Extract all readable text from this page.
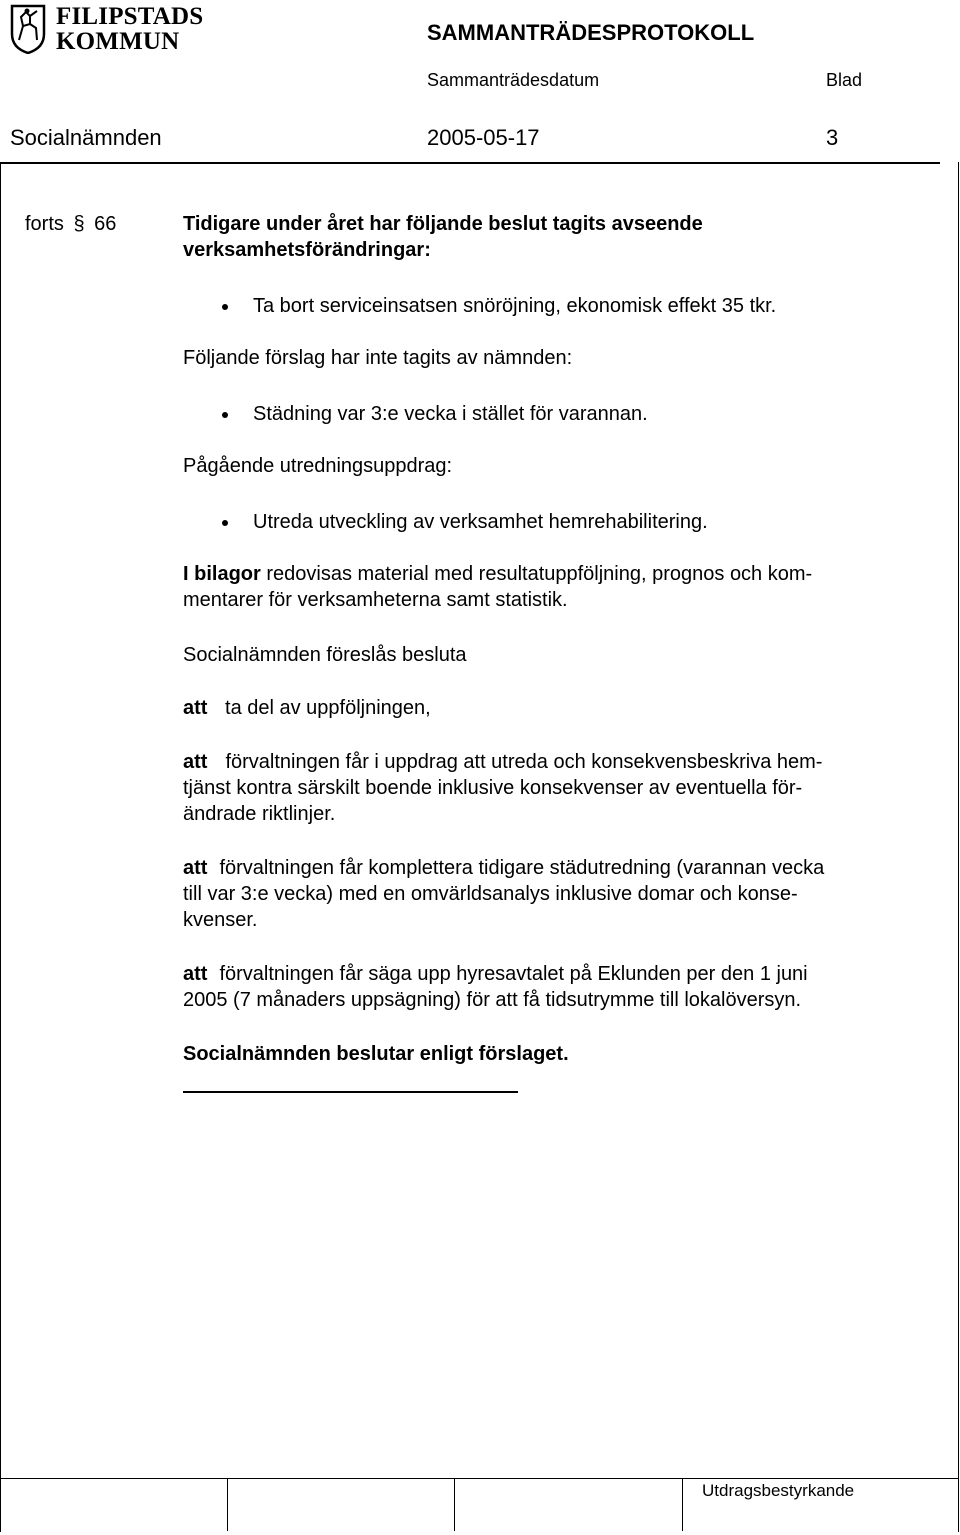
FILIPSTADS
KOMMUN	SAMMANTRÄDESPROTOKOLL
Sammanträdesdatum	Blad
Socialnämnden	2005-05-17	3
forts § 66	Tidigare under året har följande beslut tagits avseende
verksamhetsförändringar:
Ta bort serviceinsatsen snöröjning, ekonomisk effekt 35 tkr.
Följande förslag har inte tagits av nämnden:
Städning var 3:e vecka i stället för varannan.
Pågående utredningsuppdrag:
Utreda utveckling av verksamhet hemrehabilitering.
I bilagor redovisas material med resultatuppföljning, prognos och kom-
mentarer för verksamheterna samt statistik.
Socialnämnden föreslås besluta
att ta del av uppföljningen,
att förvaltningen får i uppdrag att utreda och konsekvensbeskriva hem-
tjänst kontra särskilt boende inklusive konsekvenser av eventuella för-
ändrade riktlinjer.
att förvaltningen får komplettera tidigare städutredning (varannan vecka
till var 3:e vecka) med en omvärldsanalys inklusive domar och konse-
kvenser.
att förvaltningen får säga upp hyresavtalet på Eklunden per den 1 juni
2005 (7 månaders uppsägning) för att få tidsutrymme till lokalöversyn.
Socialnämnden beslutar enligt förslaget.
Utdragsbestyrkande
